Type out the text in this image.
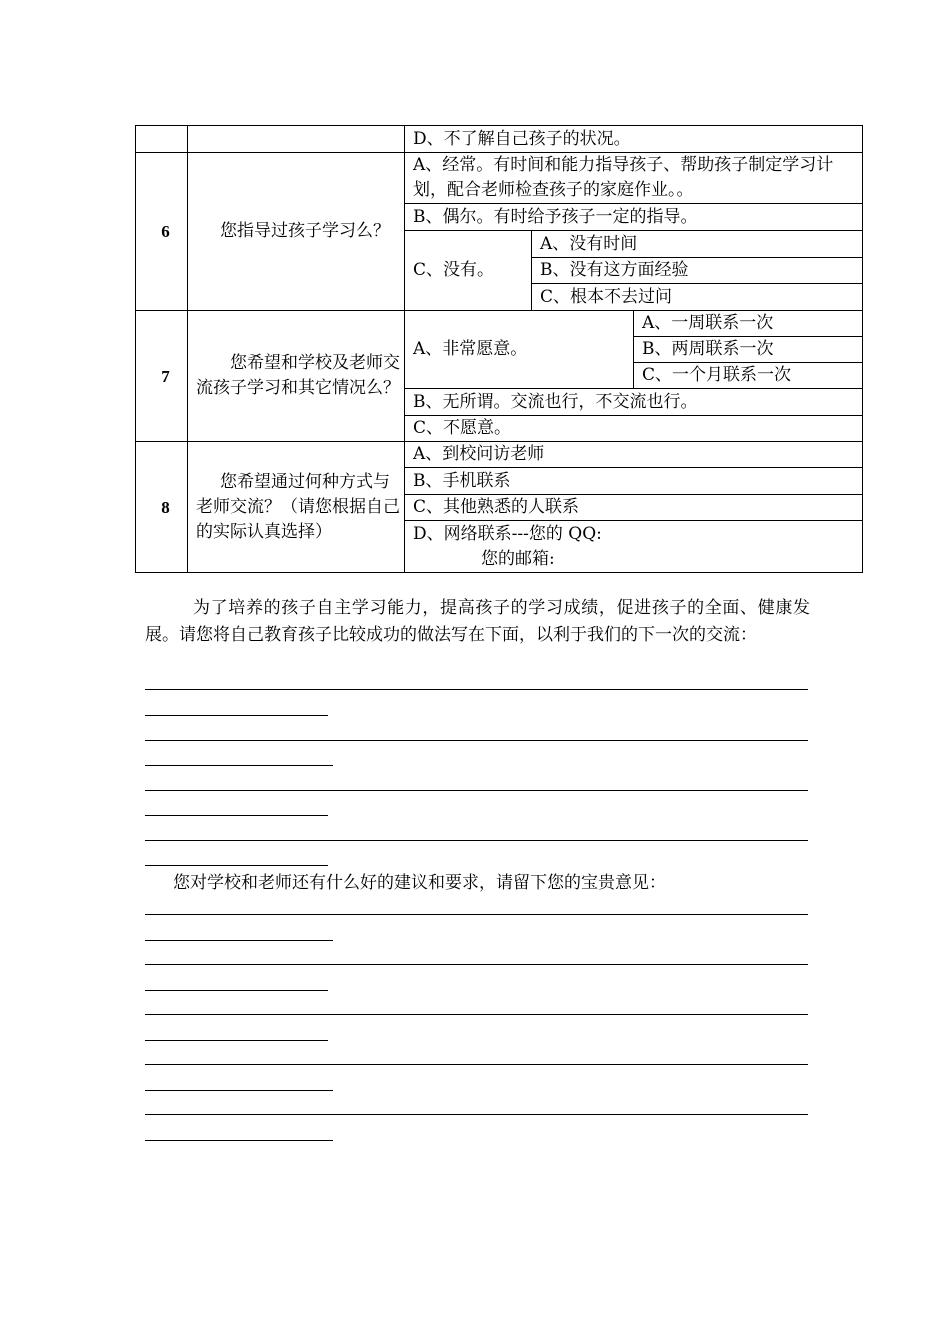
		D、不了解自己孩子的状况。		
6	您指导过孩子学习么？	A、经常。有时间和能力指导孩子、帮助孩子制定学习计划，配合老师检查孩子的家庭作业。。		
		B、偶尔。有时给予孩子一定的指导。		
		C、没有。	A、没有时间	
			B、没有这方面经验	
			C、根本不去过问	
7	您希望和学校及老师交流孩子学习和其它情况么？	A、非常愿意。		A、一周联系一次
				B、两周联系一次
				C、一个月联系一次
		B、无所谓。交流也行，不交流也行。		
		C、不愿意。		
8	您希望通过何种方式与老师交流？（请您根据自己的实际认真选择）	A、到校问访老师		
		B、手机联系		
		C、其他熟悉的人联系		

		D、网络联系---您的 QQ:
您的邮箱:		
为了培养的孩子自主学习能力，提高孩子的学习成绩，促进孩子的全面、健康发展。请您将自己教育孩子比较成功的做法写在下面，以利于我们的下一次的交流：
您对学校和老师还有什么好的建议和要求，请留下您的宝贵意见：
